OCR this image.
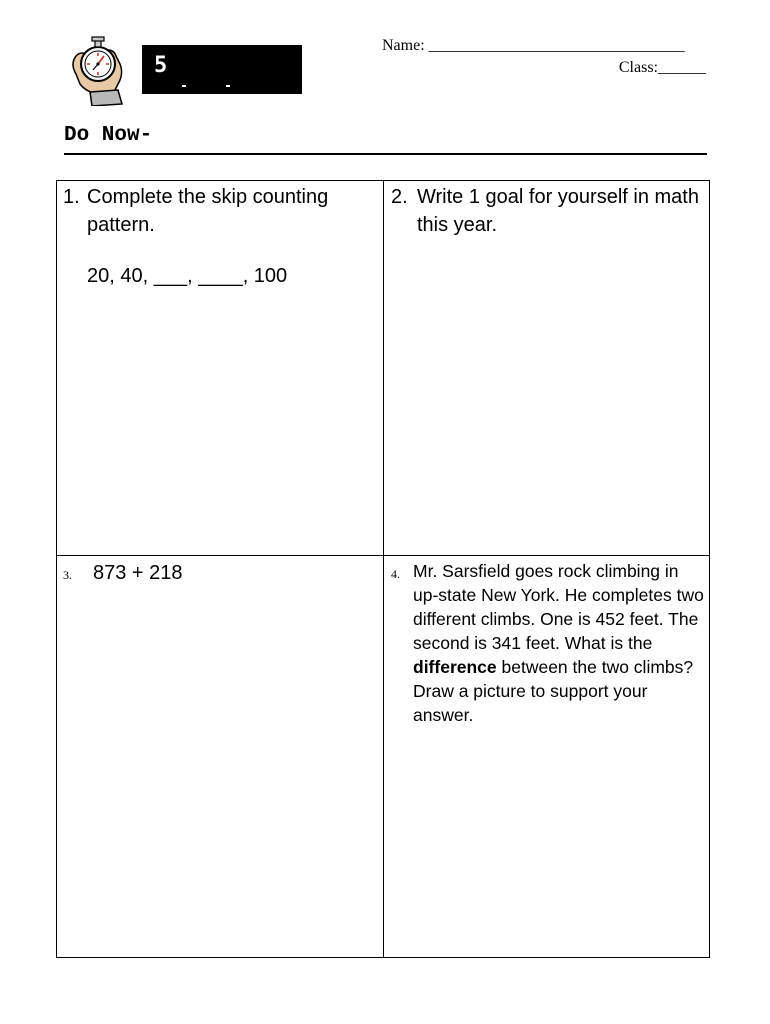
5
Name: ________________________________
Class:______
Do Now-
1. Complete the skip counting pattern.
20, 40, ___, ____, 100
2. Write 1 goal for yourself in math this year.
3.	873 + 218	4. Mr. Sarsfield goes rock climbing in up-state New York. He completes two different climbs. One is 452 feet. The second is 341 feet. What is the difference between the two climbs? Draw a picture to support your answer.
